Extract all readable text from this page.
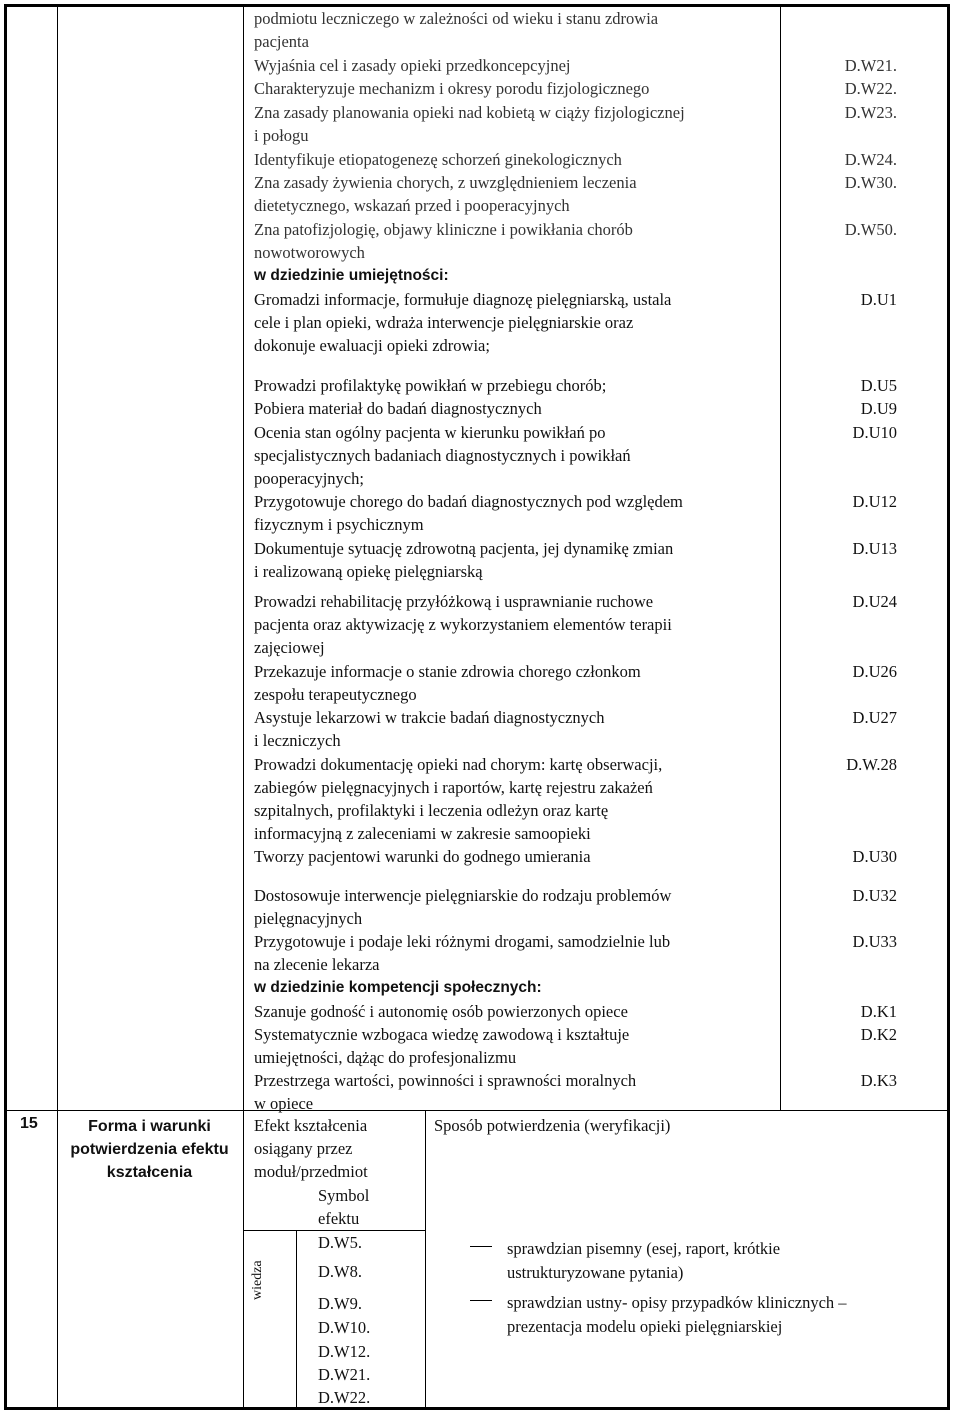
podmiotu leczniczego w zależności od wieku i stanu zdrowia
pacjenta
Wyjaśnia cel i zasady opieki przedkoncepcyjnej	D.W21.
Charakteryzuje mechanizm i okresy porodu fizjologicznego	D.W22.
Zna zasady planowania opieki nad kobietą w ciąży fizjologicznej	D.W23.
i połogu
Identyfikuje etiopatogenezę schorzeń ginekologicznych	D.W24.
Zna zasady żywienia chorych, z uwzględnieniem leczenia	D.W30.
dietetycznego, wskazań przed i pooperacyjnych
Zna patofizjologię, objawy kliniczne i powikłania chorób	D.W50.
nowotworowych
Gromadzi informacje, formułuje diagnozę pielęgniarską, ustala	D.U1
cele i plan opieki, wdraża interwencje pielęgniarskie oraz
dokonuje ewaluacji opieki zdrowia;
Prowadzi profilaktykę powikłań w przebiegu chorób;	D.U5
Pobiera materiał do badań diagnostycznych	D.U9
Ocenia stan ogólny pacjenta w kierunku powikłań po	D.U10
specjalistycznych badaniach diagnostycznych i powikłań
pooperacyjnych;
Przygotowuje chorego do badań diagnostycznych pod względem	D.U12
fizycznym i psychicznym
Dokumentuje sytuację zdrowotną pacjenta, jej dynamikę zmian	D.U13
i realizowaną opiekę pielęgniarską
Prowadzi rehabilitację przyłóżkową i usprawnianie ruchowe	D.U24
pacjenta oraz aktywizację z wykorzystaniem elementów terapii
zajęciowej
Przekazuje informacje o stanie zdrowia chorego członkom	D.U26
zespołu terapeutycznego
Asystuje lekarzowi w trakcie badań diagnostycznych	D.U27
i leczniczych
Prowadzi dokumentację opieki nad chorym: kartę obserwacji,	D.W.28
zabiegów pielęgnacyjnych i raportów, kartę rejestru zakażeń
szpitalnych, profilaktyki i leczenia odleżyn oraz kartę
informacyjną z zaleceniami w zakresie samoopieki
Tworzy pacjentowi warunki do godnego umierania	D.U30
Dostosowuje interwencje pielęgniarskie do rodzaju problemów	D.U32
pielęgnacyjnych
Przygotowuje i podaje leki różnymi drogami, samodzielnie lub	D.U33
na zlecenie lekarza
Szanuje godność i autonomię osób powierzonych opiece	D.K1
Systematycznie wzbogaca wiedzę zawodową i kształtuje	D.K2
umiejętności, dążąc do profesjonalizmu
Przestrzega wartości, powinności i sprawności moralnych	D.K3
w opiece
w dziedzinie umiejętności:
w dziedzinie kompetencji społecznych:
15	Forma i warunki potwierdzenia efektu kształcenia
Efekt kształcenia
osiągany przez
moduł/przedmiot
Sposób potwierdzenia (weryfikacji)
Symbol
efektu
wiedza
D.W5.
D.W8.
D.W9.
D.W10.
D.W12.
D.W21.
D.W22.
sprawdzian pisemny (esej, raport, krótkie
ustrukturyzowane pytania)
sprawdzian ustny- opisy przypadków klinicznych –
prezentacja modelu opieki pielęgniarskiej
